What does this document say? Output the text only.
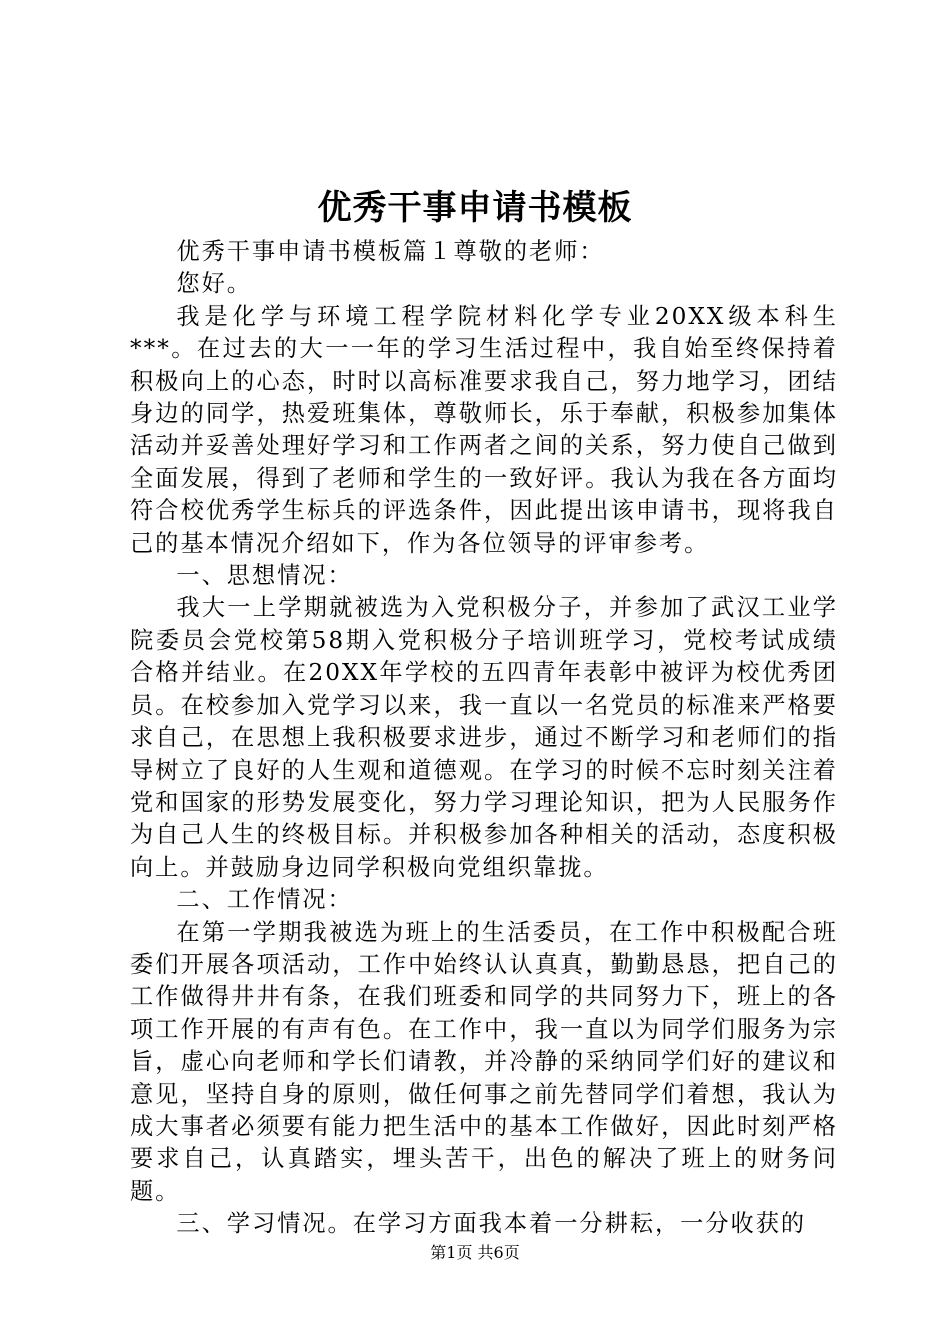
优秀干事申请书模板

优秀干事申请书模板篇１尊敬的老师：

您好。

我是化学与环境工程学院材料化学专业20XX级本科生***。在过去的大一一年的学习生活过程中，我自始至终保持着积极向上的心态，时时以高标准要求我自己，努力地学习，团结身边的同学，热爱班集体，尊敬师长，乐于奉献，积极参加集体活动并妥善处理好学习和工作两者之间的关系，努力使自己做到全面发展，得到了老师和学生的一致好评。我认为我在各方面均符合校优秀学生标兵的评选条件，因此提出该申请书，现将我自己的基本情况介绍如下，作为各位领导的评审参考。

一、思想情况：

我大一上学期就被选为入党积极分子，并参加了武汉工业学院委员会党校第58期入党积极分子培训班学习，党校考试成绩合格并结业。在20XX年学校的五四青年表彰中被评为校优秀团员。在校参加入党学习以来，我一直以一名党员的标准来严格要求自己，在思想上我积极要求进步，通过不断学习和老师们的指导树立了良好的人生观和道德观。在学习的时候不忘时刻关注着党和国家的形势发展变化，努力学习理论知识，把为人民服务作为自己人生的终极目标。并积极参加各种相关的活动，态度积极向上。并鼓励身边同学积极向党组织靠拢。

二、工作情况：

在第一学期我被选为班上的生活委员，在工作中积极配合班委们开展各项活动，工作中始终认认真真，勤勤恳恳，把自己的工作做得井井有条，在我们班委和同学的共同努力下，班上的各项工作开展的有声有色。在工作中，我一直以为同学们服务为宗旨，虚心向老师和学长们请教，并冷静的采纳同学们好的建议和意见，坚持自身的原则，做任何事之前先替同学们着想，我认为成大事者必须要有能力把生活中的基本工作做好，因此时刻严格要求自己，认真踏实，埋头苦干，出色的解决了班上的财务问题。

三、学习情况。在学习方面我本着一分耕耘，一分收获的

第1页 共6页
